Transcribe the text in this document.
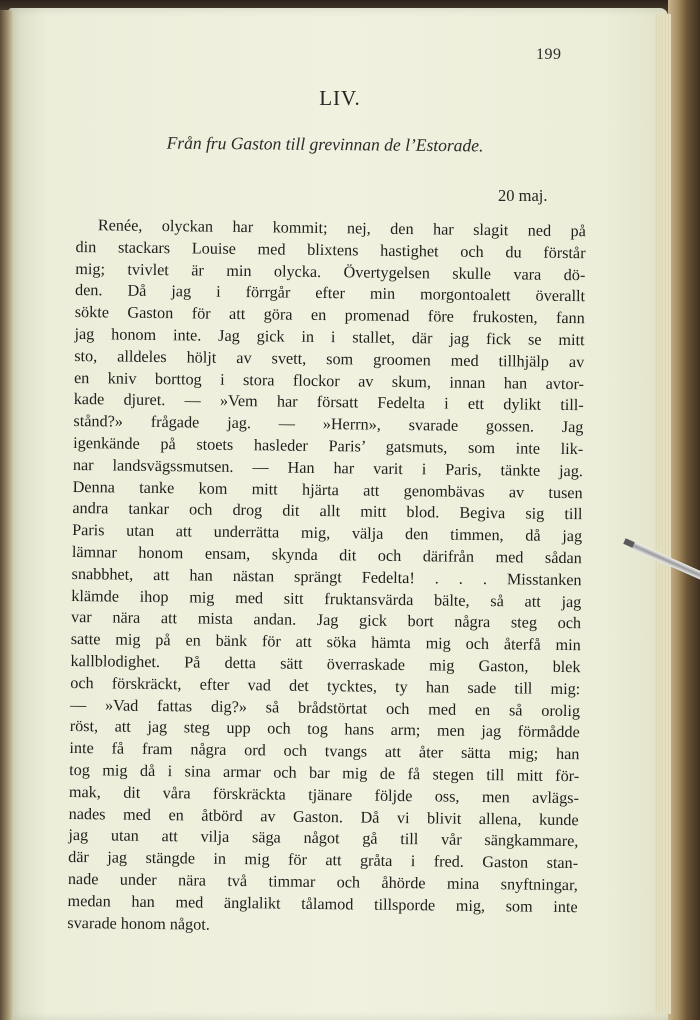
199
LIV.
Från fru Gaston till grevinnan de l’Estorade.
20 maj.
Renée, olyckan har kommit; nej, den har slagit ned på
din stackars Louise med blixtens hastighet och du förstår
mig; tvivlet är min olycka. Övertygelsen skulle vara dö-
den. Då jag i förrgår efter min morgontoalett överallt
sökte Gaston för att göra en promenad före frukosten, fann
jag honom inte. Jag gick in i stallet, där jag fick se mitt
sto, alldeles höljt av svett, som groomen med tillhjälp av
en kniv borttog i stora flockor av skum, innan han avtor-
kade djuret. — »Vem har försatt Fedelta i ett dylikt till-
stånd?» frågade jag. — »Herrn», svarade gossen. Jag
igenkände på stoets hasleder Paris’ gatsmuts, som inte lik-
nar landsvägssmutsen. — Han har varit i Paris, tänkte jag.
Denna tanke kom mitt hjärta att genombävas av tusen
andra tankar och drog dit allt mitt blod. Begiva sig till
Paris utan att underrätta mig, välja den timmen, då jag
lämnar honom ensam, skynda dit och därifrån med sådan
snabbhet, att han nästan sprängt Fedelta! . . . Misstanken
klämde ihop mig med sitt fruktansvärda bälte, så att jag
var nära att mista andan. Jag gick bort några steg och
satte mig på en bänk för att söka hämta mig och återfå min
kallblodighet. På detta sätt överraskade mig Gaston, blek
och förskräckt, efter vad det tycktes, ty han sade till mig:
— »Vad fattas dig?» så brådstörtat och med en så orolig
röst, att jag steg upp och tog hans arm; men jag förmådde
inte få fram några ord och tvangs att åter sätta mig; han
tog mig då i sina armar och bar mig de få stegen till mitt för-
mak, dit våra förskräckta tjänare följde oss, men avlägs-
nades med en åtbörd av Gaston. Då vi blivit allena, kunde
jag utan att vilja säga något gå till vår sängkammare,
där jag stängde in mig för att gråta i fred. Gaston stan-
nade under nära två timmar och åhörde mina snyftningar,
medan han med änglalikt tålamod tillsporde mig, som inte
svarade honom något.
